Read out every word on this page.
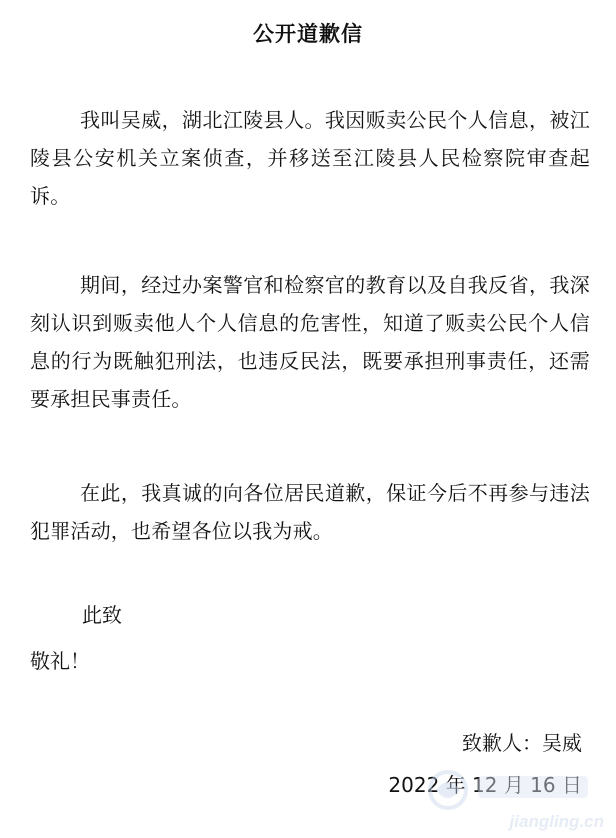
公开道歉信

我叫吴威，湖北江陵县人。我因贩卖公民个人信息，被江陵县公安机关立案侦查，并移送至江陵县人民检察院审查起诉。

期间，经过办案警官和检察官的教育以及自我反省，我深刻认识到贩卖他人个人信息的危害性，知道了贩卖公民个人信息的行为既触犯刑法，也违反民法，既要承担刑事责任，还需要承担民事责任。

在此，我真诚的向各位居民道歉，保证今后不再参与违法犯罪活动，也希望各位以我为戒。

此致
敬礼！
致歉人：吴威
2022 年 12 月 16 日
jiangling.cn
